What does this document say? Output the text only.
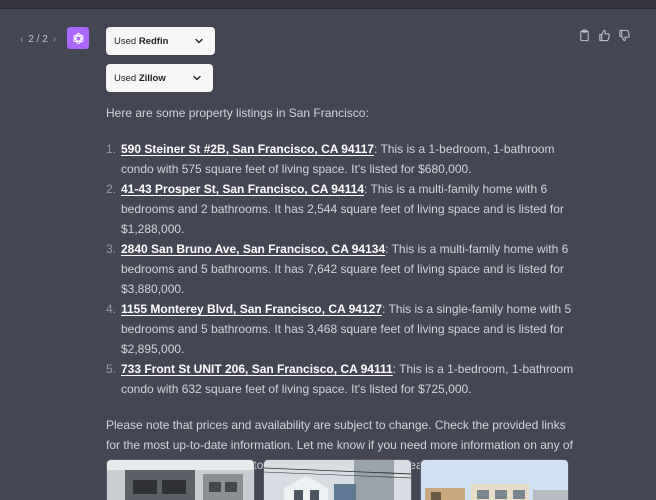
‹ 2 / 2 ›	Used Redfin
Used Zillow

Here are some property listings in San Francisco:

1. 590 Steiner St #2B, San Francisco, CA 94117: This is a 1-bedroom, 1-bathroom condo with 575 square feet of living space. It's listed for $680,000.
2. 41-43 Prosper St, San Francisco, CA 94114: This is a multi-family home with 6 bedrooms and 2 bathrooms. It has 2,544 square feet of living space and is listed for $1,288,000.
3. 2840 San Bruno Ave, San Francisco, CA 94134: This is a multi-family home with 6 bedrooms and 5 bathrooms. It has 7,642 square feet of living space and is listed for $3,880,000.
4. 1155 Monterey Blvd, San Francisco, CA 94127: This is a single-family home with 5 bedrooms and 5 bathrooms. It has 3,468 square feet of living space and is listed for $2,895,000.
5. 733 Front St UNIT 206, San Francisco, CA 94111: This is a 1-bedroom, 1-bathroom condo with 632 square feet of living space. It's listed for $725,000.

Please note that prices and availability are subject to change. Check the provided links for the most up-to-date information. Let me know if you need more information on any of to area.
